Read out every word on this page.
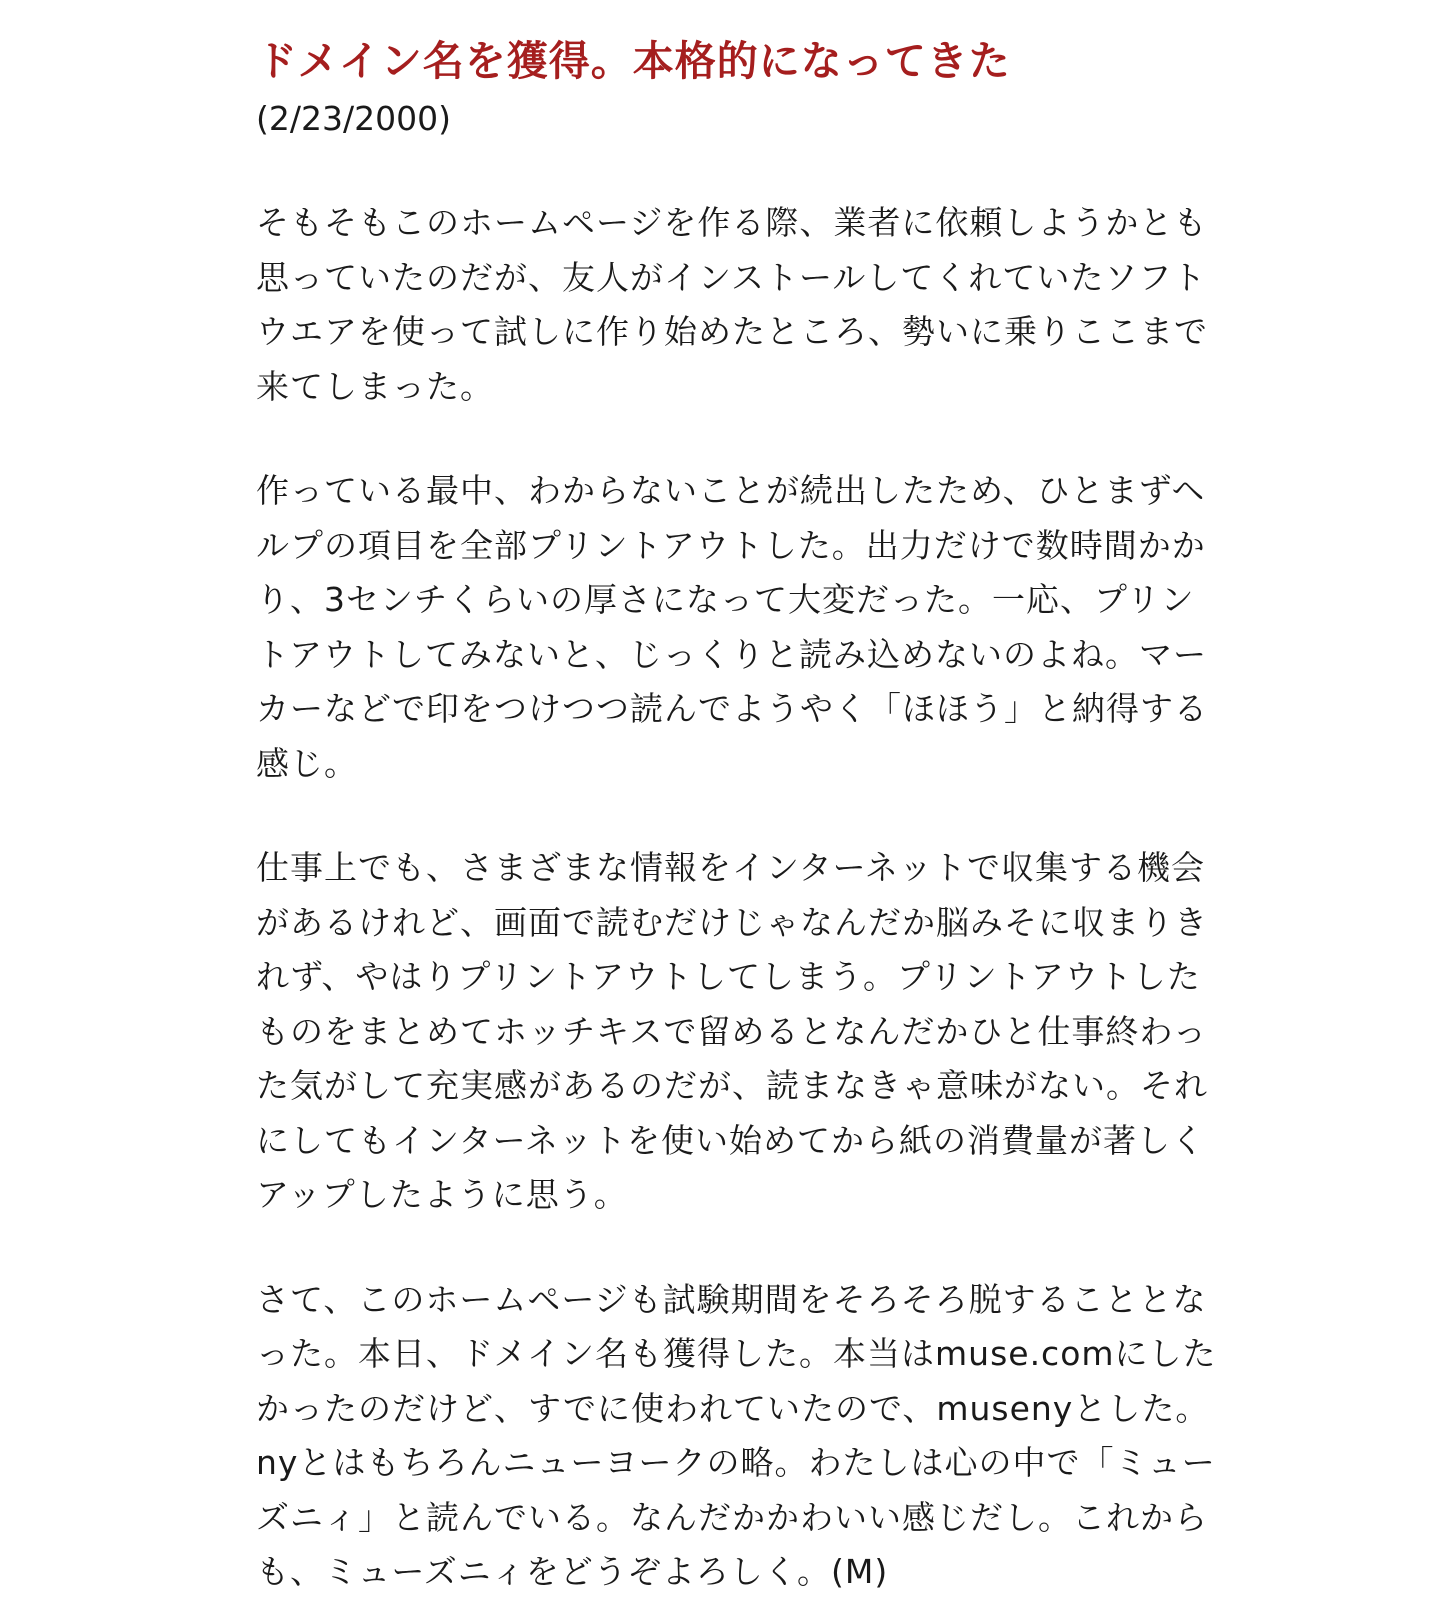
ドメイン名を獲得。本格的になってきた

(2/23/2000)

そもそもこのホームページを作る際、業者に依頼しようかとも思っていたのだが、友人がインストールしてくれていたソフトウエアを使って試しに作り始めたところ、勢いに乗りここまで来てしまった。

作っている最中、わからないことが続出したため、ひとまずヘルプの項目を全部プリントアウトした。出力だけで数時間かかり、3センチくらいの厚さになって大変だった。一応、プリントアウトしてみないと、じっくりと読み込めないのよね。マーカーなどで印をつけつつ読んでようやく「ほほう」と納得する感じ。

仕事上でも、さまざまな情報をインターネットで収集する機会があるけれど、画面で読むだけじゃなんだか脳みそに収まりきれず、やはりプリントアウトしてしまう。プリントアウトしたものをまとめてホッチキスで留めるとなんだかひと仕事終わった気がして充実感があるのだが、読まなきゃ意味がない。それにしてもインターネットを使い始めてから紙の消費量が著しくアップしたように思う。

さて、このホームページも試験期間をそろそろ脱することとなった。本日、ドメイン名も獲得した。本当はmuse.comにしたかったのだけど、すでに使われていたので、musenyとした。nyとはもちろんニューヨークの略。わたしは心の中で「ミューズニィ」と読んでいる。なんだかかわいい感じだし。これからも、ミューズニィをどうぞよろしく。(M)
